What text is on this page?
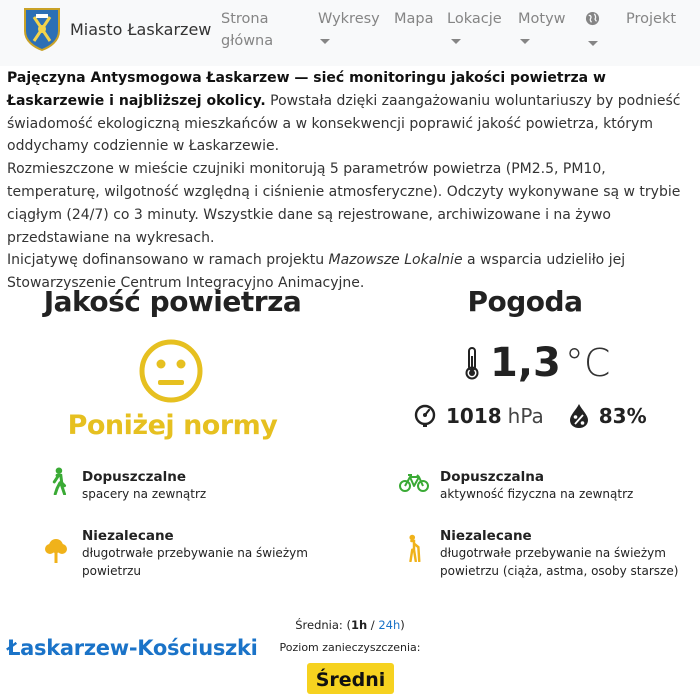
Miasto Łaskarzew
Strona
główna
Wykresy Mapa Lokacje Motyw	Projekt
Pajęczyna Antysmogowa Łaskarzew — sieć monitoringu jakości powietrza w Łaskarzewie i najbliższej okolicy. Powstała dzięki zaangażowaniu woluntariuszy by podnieść świadomość ekologiczną mieszkańców a w konsekwencji poprawić jakość powietrza, którym oddychamy codziennie w Łaskarzewie.
Rozmieszczone w mieście czujniki monitorują 5 parametrów powietrza (PM2.5, PM10, temperaturę, wilgotność względną i ciśnienie atmosferyczne). Odczyty wykonywane są w trybie ciągłym (24/7) co 3 minuty. Wszystkie dane są rejestrowane, archiwizowane i na żywo przedstawiane na wykresach.
Inicjatywę dofinansowano w ramach projektu Mazowsze Lokalnie a wsparcia udzieliło jej Stowarzyszenie Centrum Integracyjno Animacyjne.
Jakość powietrza
Poniżej normy
Dopuszczalne
spacery na zewnątrz
Niezalecane
długotrwałe przebywanie na świeżym
powietrzu
Pogoda
1,3 °C
1018 hPa	83%
Dopuszczalna
aktywność fizyczna na zewnątrz
Niezalecane
długotrwałe przebywanie na świeżym
powietrzu (ciąża, astma, osoby starsze)
Łaskarzew-Kościuszki
Średnia: (1h / 24h)
Poziom zanieczyszczenia:
Średni
